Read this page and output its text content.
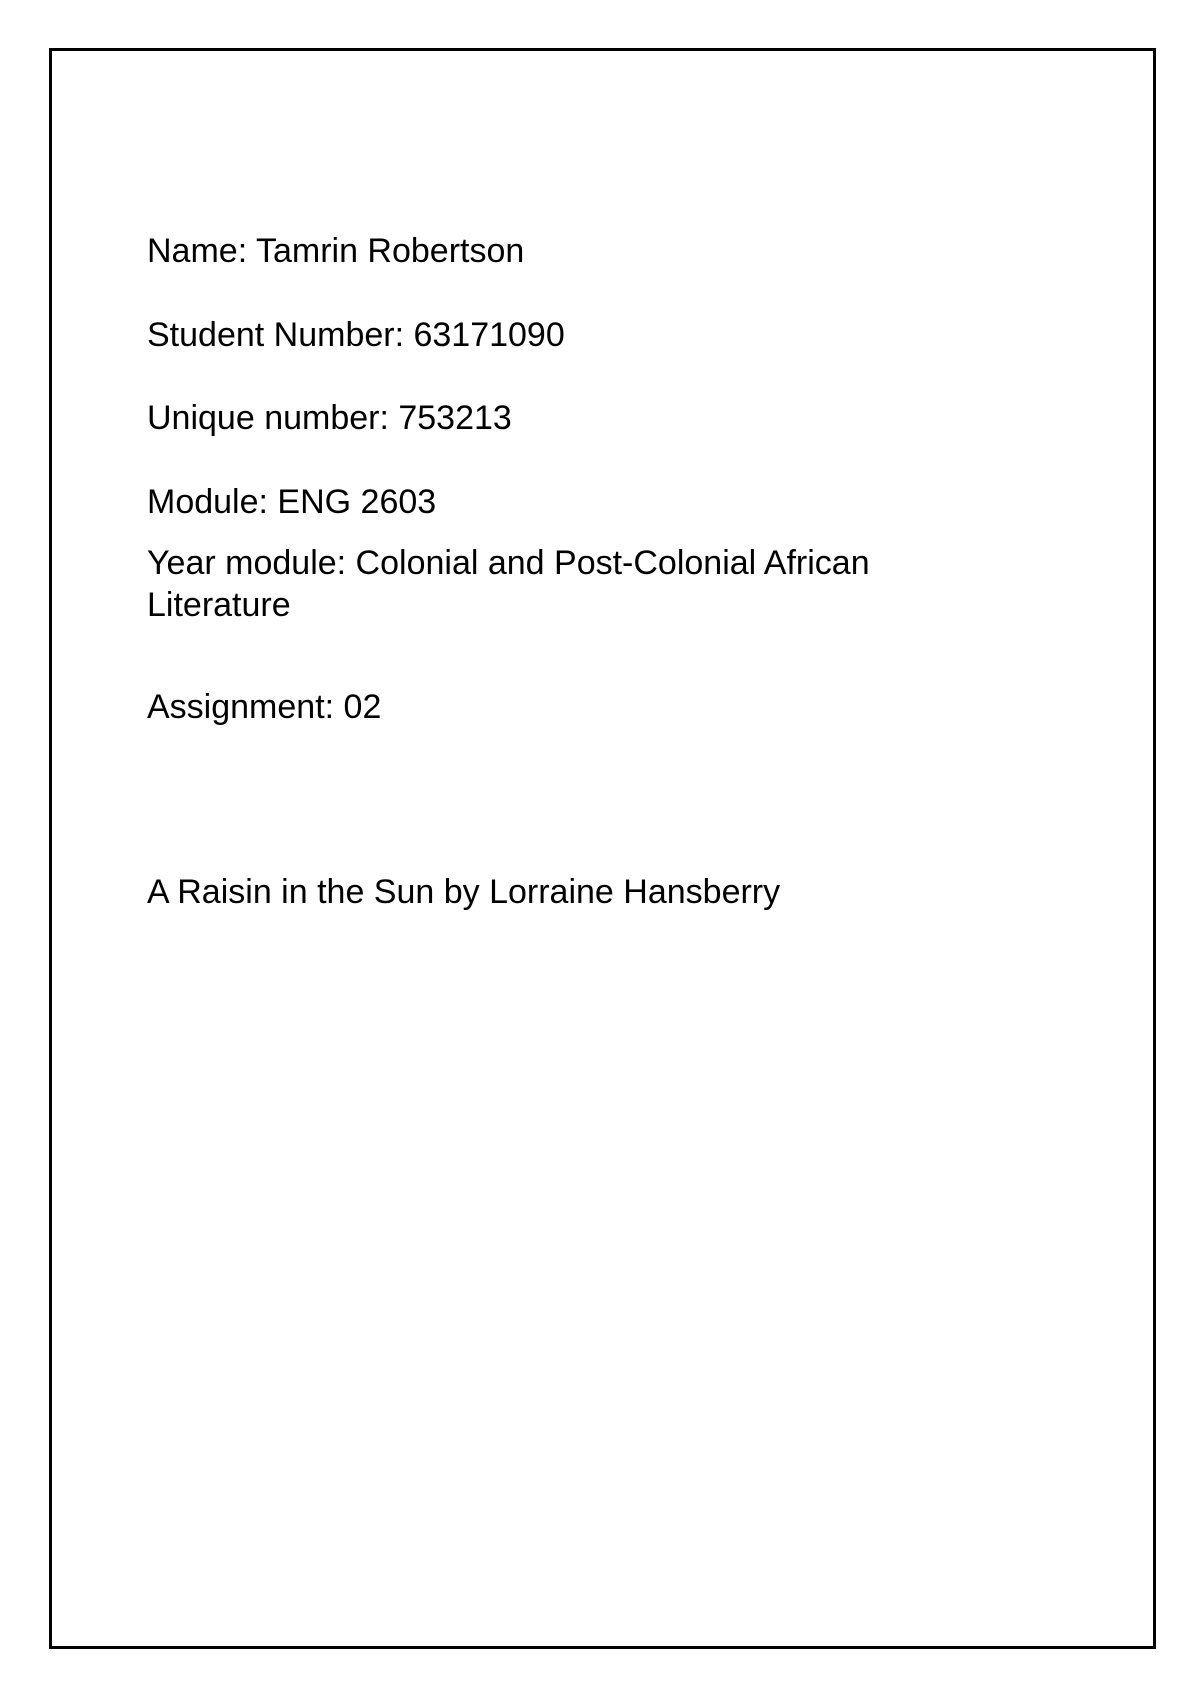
Name: Tamrin Robertson

Student Number: 63171090

Unique number: 753213

Module: ENG 2603

Year module: Colonial and Post-Colonial African Literature

Assignment: 02

A Raisin in the Sun by Lorraine Hansberry
